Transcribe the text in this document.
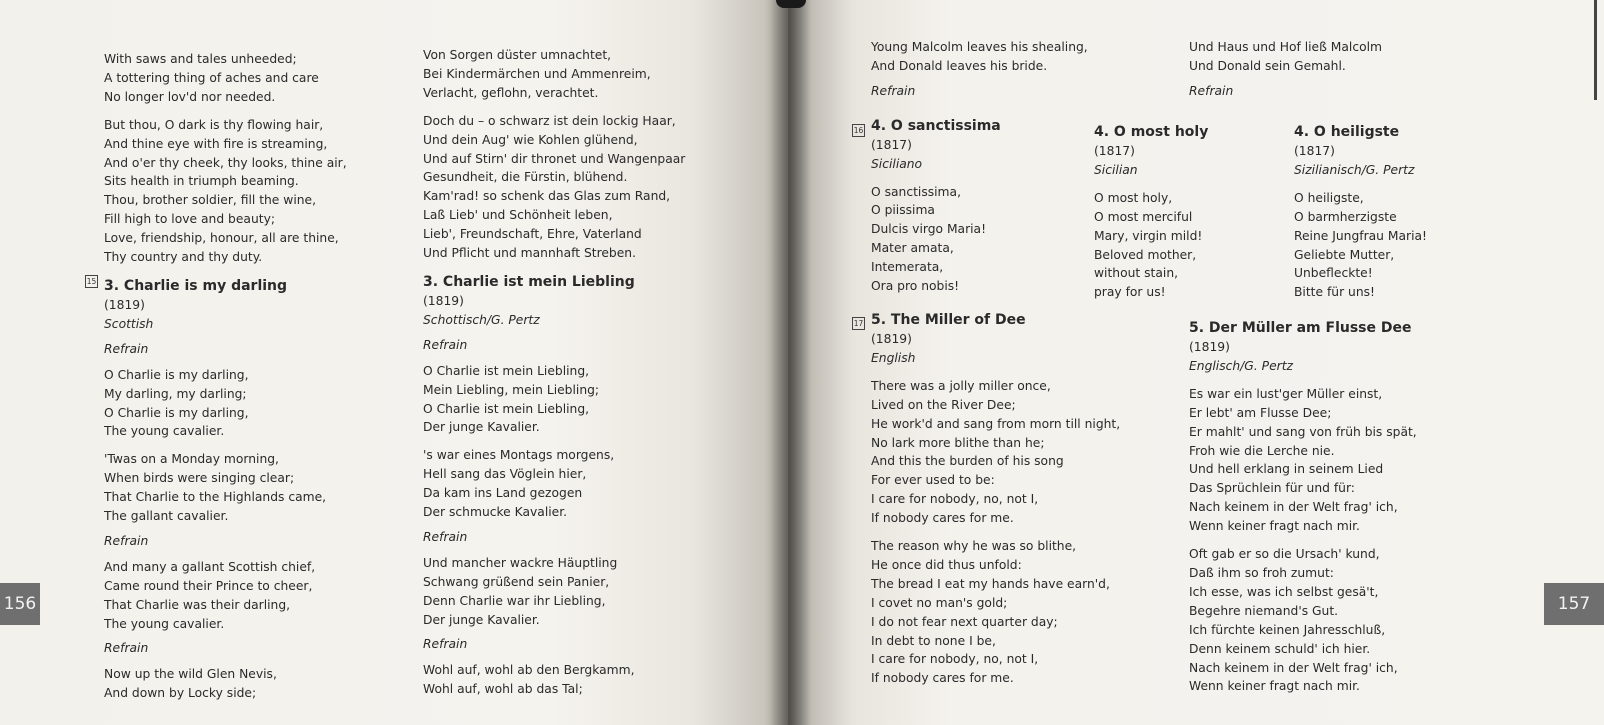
156
With saws and tales unheeded;
A tottering thing of aches and care
No longer lov'd nor needed.
But thou, O dark is thy flowing hair,
And thine eye with fire is streaming,
And o'er thy cheek, thy looks, thine air,
Sits health in triumph beaming.
Thou, brother soldier, fill the wine,
Fill high to love and beauty;
Love, friendship, honour, all are thine,
Thy country and thy duty.
3. Charlie is my darling
(1819)
Scottish
Refrain
O Charlie is my darling,
My darling, my darling;
O Charlie is my darling,
The young cavalier.
'Twas on a Monday morning,
When birds were singing clear;
That Charlie to the Highlands came,
The gallant cavalier.
Refrain
And many a gallant Scottish chief,
Came round their Prince to cheer,
That Charlie was their darling,
The young cavalier.
Refrain
Now up the wild Glen Nevis,
And down by Locky side;
15
Von Sorgen düster umnachtet,
Bei Kindermärchen und Ammenreim,
Verlacht, geflohn, verachtet.
Doch du – o schwarz ist dein lockig Haar,
Und dein Aug' wie Kohlen glühend,
Und auf Stirn' dir thronet und Wangenpaar
Gesundheit, die Fürstin, blühend.
Kam'rad! so schenk das Glas zum Rand,
Laß Lieb' und Schönheit leben,
Lieb', Freundschaft, Ehre, Vaterland
Und Pflicht und mannhaft Streben.
3. Charlie ist mein Liebling
(1819)
Schottisch/G. Pertz
Refrain
O Charlie ist mein Liebling,
Mein Liebling, mein Liebling;
O Charlie ist mein Liebling,
Der junge Kavalier.
's war eines Montags morgens,
Hell sang das Vöglein hier,
Da kam ins Land gezogen
Der schmucke Kavalier.
Refrain
Und mancher wackre Häuptling
Schwang grüßend sein Panier,
Denn Charlie war ihr Liebling,
Der junge Kavalier.
Refrain
Wohl auf, wohl ab den Bergkamm,
Wohl auf, wohl ab das Tal;
157
Young Malcolm leaves his shealing,
And Donald leaves his bride.
Refrain
4. O sanctissima
(1817)
Siciliano
O sanctissima,
O piissima
Dulcis virgo Maria!
Mater amata,
Intemerata,
Ora pro nobis!
5. The Miller of Dee
(1819)
English
There was a jolly miller once,
Lived on the River Dee;
He work'd and sang from morn till night,
No lark more blithe than he;
And this the burden of his song
For ever used to be:
I care for nobody, no, not I,
If nobody cares for me.
The reason why he was so blithe,
He once did thus unfold:
The bread I eat my hands have earn'd,
I covet no man's gold;
I do not fear next quarter day;
In debt to none I be,
I care for nobody, no, not I,
If nobody cares for me.
16
17
4. O most holy
(1817)
Sicilian
O most holy,
O most merciful
Mary, virgin mild!
Beloved mother,
without stain,
pray for us!
Und Haus und Hof ließ Malcolm
Und Donald sein Gemahl.
Refrain
4. O heiligste
(1817)
Sizilianisch/G. Pertz
O heiligste,
O barmherzigste
Reine Jungfrau Maria!
Geliebte Mutter,
Unbefleckte!
Bitte für uns!
5. Der Müller am Flusse Dee
(1819)
Englisch/G. Pertz
Es war ein lust'ger Müller einst,
Er lebt' am Flusse Dee;
Er mahlt' und sang von früh bis spät,
Froh wie die Lerche nie.
Und hell erklang in seinem Lied
Das Sprüchlein für und für:
Nach keinem in der Welt frag' ich,
Wenn keiner fragt nach mir.
Oft gab er so die Ursach' kund,
Daß ihm so froh zumut:
Ich esse, was ich selbst gesä't,
Begehre niemand's Gut.
Ich fürchte keinen Jahresschluß,
Denn keinem schuld' ich hier.
Nach keinem in der Welt frag' ich,
Wenn keiner fragt nach mir.
